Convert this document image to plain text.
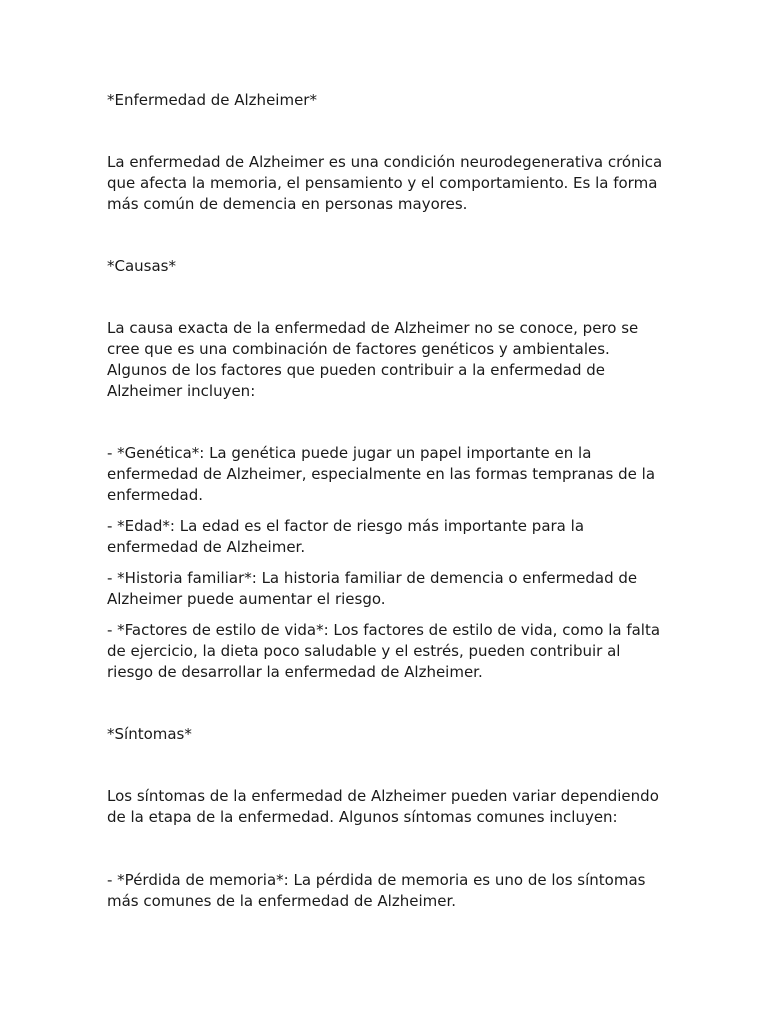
*Enfermedad de Alzheimer*

La enfermedad de Alzheimer es una condición neurodegenerativa crónica que afecta la memoria, el pensamiento y el comportamiento. Es la forma más común de demencia en personas mayores.

*Causas*

La causa exacta de la enfermedad de Alzheimer no se conoce, pero se cree que es una combinación de factores genéticos y ambientales. Algunos de los factores que pueden contribuir a la enfermedad de Alzheimer incluyen:

- *Genética*: La genética puede jugar un papel importante en la enfermedad de Alzheimer, especialmente en las formas tempranas de la enfermedad.

- *Edad*: La edad es el factor de riesgo más importante para la enfermedad de Alzheimer.

- *Historia familiar*: La historia familiar de demencia o enfermedad de Alzheimer puede aumentar el riesgo.

- *Factores de estilo de vida*: Los factores de estilo de vida, como la falta de ejercicio, la dieta poco saludable y el estrés, pueden contribuir al riesgo de desarrollar la enfermedad de Alzheimer.

*Síntomas*

Los síntomas de la enfermedad de Alzheimer pueden variar dependiendo de la etapa de la enfermedad. Algunos síntomas comunes incluyen:

- *Pérdida de memoria*: La pérdida de memoria es uno de los síntomas más comunes de la enfermedad de Alzheimer.
